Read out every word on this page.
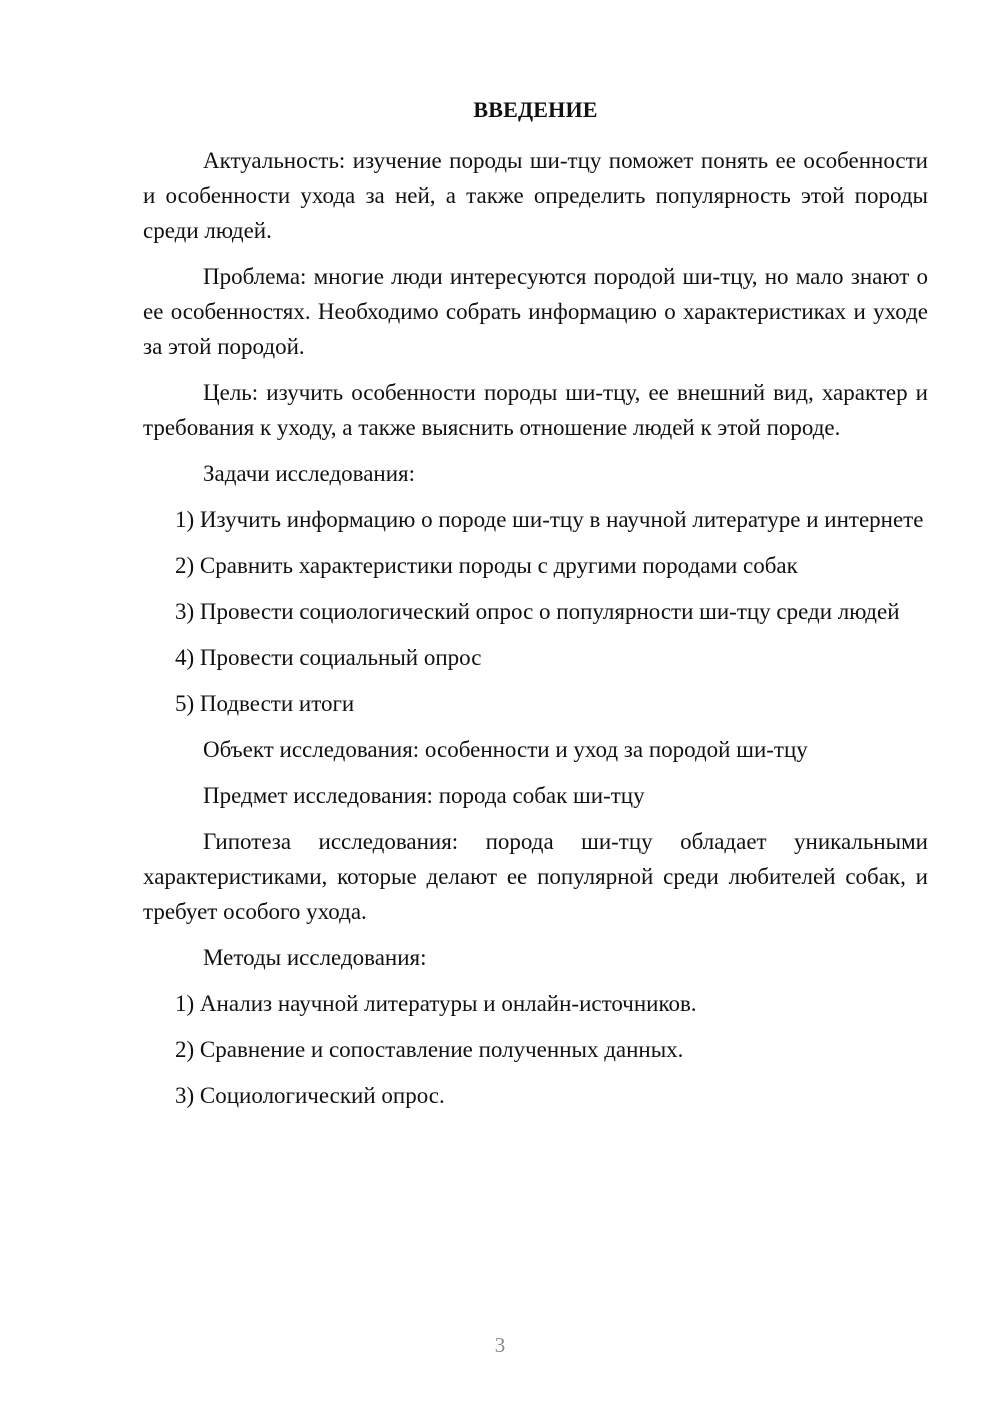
ВВЕДЕНИЕ

Актуальность: изучение породы ши-тцу поможет понять ее особенности и особенности ухода за ней, а также определить популярность этой породы среди людей.

Проблема: многие люди интересуются породой ши-тцу, но мало знают о ее особенностях. Необходимо собрать информацию о характеристиках и уходе за этой породой.

Цель: изучить особенности породы ши-тцу, ее внешний вид, характер и требования к уходу, а также выяснить отношение людей к этой породе.

Задачи исследования:

1) Изучить информацию о породе ши-тцу в научной литературе и интернете

2) Сравнить характеристики породы с другими породами собак

3) Провести социологический опрос о популярности ши-тцу среди людей

4) Провести социальный опрос

5) Подвести итоги

Объект исследования: особенности и уход за породой ши-тцу

Предмет исследования: порода собак ши-тцу

Гипотеза исследования: порода ши-тцу обладает уникальными характеристиками, которые делают ее популярной среди любителей собак, и требует особого ухода.

Методы исследования:

1) Анализ научной литературы и онлайн-источников.

2) Сравнение и сопоставление полученных данных.

3) Социологический опрос.

3
